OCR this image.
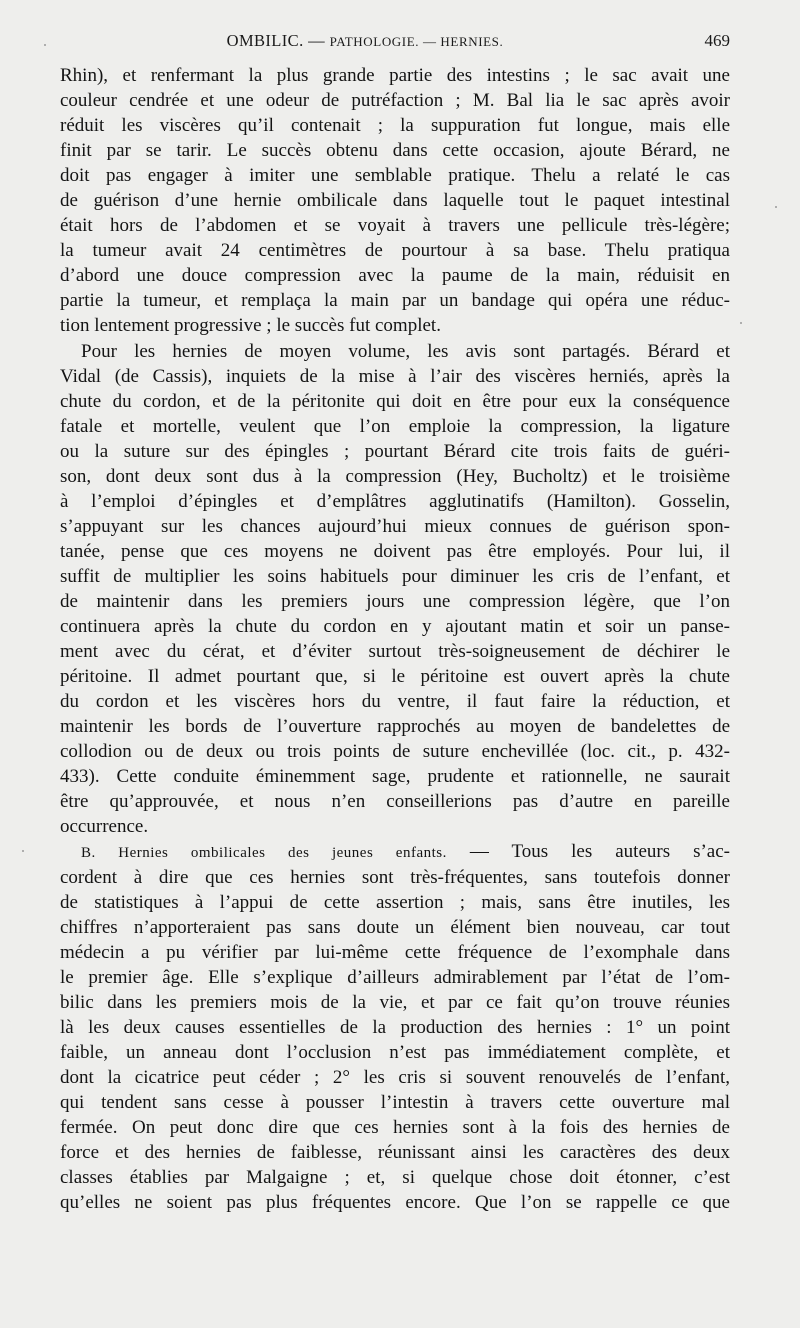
OMBILIC. — PATHOLOGIE. — HERNIES.	469
Rhin), et renfermant la plus grande partie des intestins ; le sac avait une
couleur cendrée et une odeur de putréfaction ; M. Bal lia le sac après avoir
réduit les viscères qu’il contenait ; la suppuration fut longue, mais elle
finit par se tarir. Le succès obtenu dans cette occasion, ajoute Bérard, ne
doit pas engager à imiter une semblable pratique. Thelu a relaté le cas
de guérison d’une hernie ombilicale dans laquelle tout le paquet intestinal
était hors de l’abdomen et se voyait à travers une pellicule très-légère;
la tumeur avait 24 centimètres de pourtour à sa base. Thelu pratiqua
d’abord une douce compression avec la paume de la main, réduisit en
partie la tumeur, et remplaça la main par un bandage qui opéra une réduc-
tion lentement progressive ; le succès fut complet.
Pour les hernies de moyen volume, les avis sont partagés. Bérard et
Vidal (de Cassis), inquiets de la mise à l’air des viscères herniés, après la
chute du cordon, et de la péritonite qui doit en être pour eux la conséquence
fatale et mortelle, veulent que l’on emploie la compression, la ligature
ou la suture sur des épingles ; pourtant Bérard cite trois faits de guéri-
son, dont deux sont dus à la compression (Hey, Bucholtz) et le troisième
à l’emploi d’épingles et d’emplâtres agglutinatifs (Hamilton). Gosselin,
s’appuyant sur les chances aujourd’hui mieux connues de guérison spon-
tanée, pense que ces moyens ne doivent pas être employés. Pour lui, il
suffit de multiplier les soins habituels pour diminuer les cris de l’enfant, et
de maintenir dans les premiers jours une compression légère, que l’on
continuera après la chute du cordon en y ajoutant matin et soir un panse-
ment avec du cérat, et d’éviter surtout très-soigneusement de déchirer le
péritoine. Il admet pourtant que, si le péritoine est ouvert après la chute
du cordon et les viscères hors du ventre, il faut faire la réduction, et
maintenir les bords de l’ouverture rapprochés au moyen de bandelettes de
collodion ou de deux ou trois points de suture enchevillée (loc. cit., p. 432-
433). Cette conduite éminemment sage, prudente et rationnelle, ne saurait
être qu’approuvée, et nous n’en conseillerions pas d’autre en pareille
occurrence.
B. Hernies ombilicales des jeunes enfants. — Tous les auteurs s’ac-
cordent à dire que ces hernies sont très-fréquentes, sans toutefois donner
de statistiques à l’appui de cette assertion ; mais, sans être inutiles, les
chiffres n’apporteraient pas sans doute un élément bien nouveau, car tout
médecin a pu vérifier par lui-même cette fréquence de l’exomphale dans
le premier âge. Elle s’explique d’ailleurs admirablement par l’état de l’om-
bilic dans les premiers mois de la vie, et par ce fait qu’on trouve réunies
là les deux causes essentielles de la production des hernies : 1° un point
faible, un anneau dont l’occlusion n’est pas immédiatement complète, et
dont la cicatrice peut céder ; 2° les cris si souvent renouvelés de l’enfant,
qui tendent sans cesse à pousser l’intestin à travers cette ouverture mal
fermée. On peut donc dire que ces hernies sont à la fois des hernies de
force et des hernies de faiblesse, réunissant ainsi les caractères des deux
classes établies par Malgaigne ; et, si quelque chose doit étonner, c’est
qu’elles ne soient pas plus fréquentes encore. Que l’on se rappelle ce que
